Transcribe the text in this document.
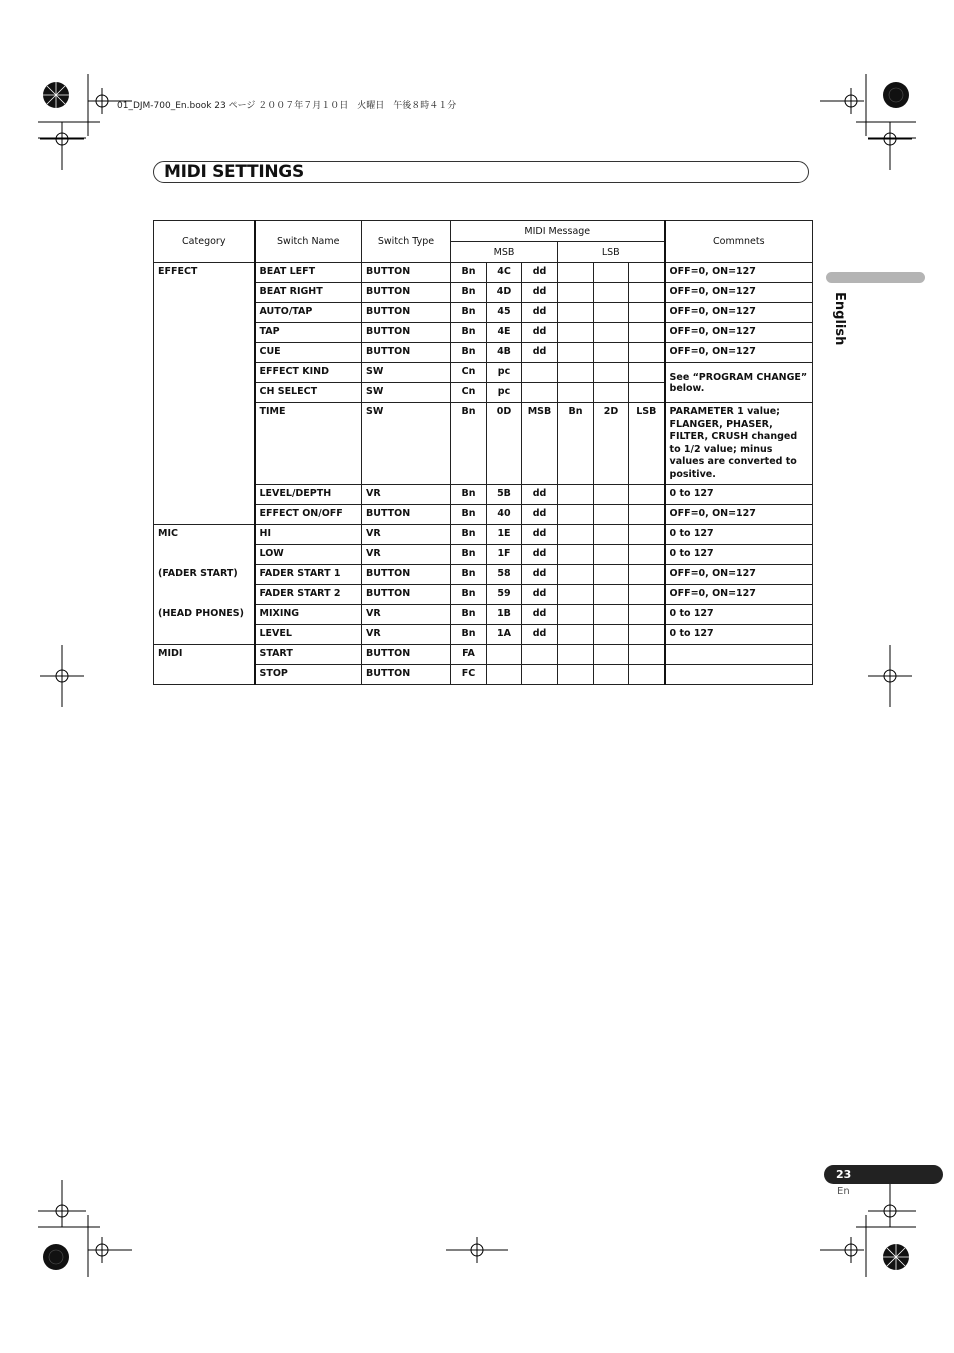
01_DJM-700_En.book 23 ページ ２００７年７月１０日　火曜日　午後８時４１分
MIDI SETTINGS
English
Category	Switch Name	Switch Type	MIDI Message						Commnets
			MSB			LSB			
EFFECT	BEAT LEFT	BUTTON	Bn	4C	dd				OFF=0, ON=127
	BEAT RIGHT	BUTTON	Bn	4D	dd				OFF=0, ON=127
	AUTO/TAP	BUTTON	Bn	45	dd				OFF=0, ON=127
	TAP	BUTTON	Bn	4E	dd				OFF=0, ON=127
	CUE	BUTTON	Bn	4B	dd				OFF=0, ON=127
	EFFECT KIND	SW	Cn	pc					See “PROGRAM CHANGE” below.
	CH SELECT	SW	Cn	pc					
	TIME	SW	Bn	0D	MSB	Bn	2D	LSB	PARAMETER 1 value; FLANGER, PHASER, FILTER, CRUSH changed to 1/2 value; minus values are converted to positive.
	LEVEL/DEPTH	VR	Bn	5B	dd				0 to 127
	EFFECT ON/OFF	BUTTON	Bn	40	dd				OFF=0, ON=127
MIC	HI	VR	Bn	1E	dd				0 to 127
	LOW	VR	Bn	1F	dd				0 to 127
(FADER START)	FADER START 1	BUTTON	Bn	58	dd				OFF=0, ON=127
	FADER START 2	BUTTON	Bn	59	dd				OFF=0, ON=127
(HEAD PHONES)	MIXING	VR	Bn	1B	dd				0 to 127
	LEVEL	VR	Bn	1A	dd				0 to 127
MIDI	START	BUTTON	FA						
	STOP	BUTTON	FC						
23
En
